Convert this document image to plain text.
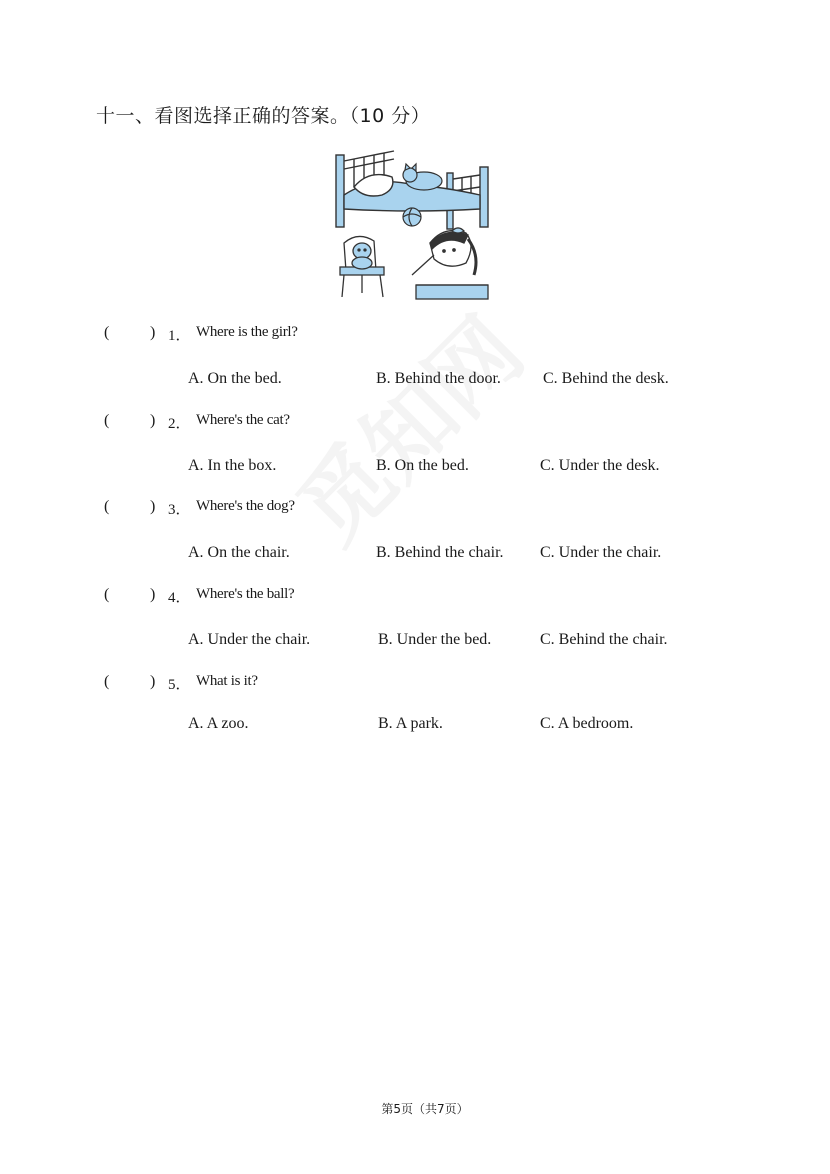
十一、看图选择正确的答案。（10 分）
(	) 1． Where is the girl?
A. On the bed.	B. Behind the door.	C. Behind the desk.
(	) 2． Where's the cat?
A. In the box.	B. On the bed.	C. Under the desk.
(	) 3． Where's the dog?
A. On the chair.	B. Behind the chair. C. Under the chair.
(	) 4． Where's the ball?
A. Under the chair.	B. Under the bed.	C. Behind the chair.
(	) 5． What is it?
A. A zoo.	B. A park.	C. A bedroom.
第5页（共7页）
